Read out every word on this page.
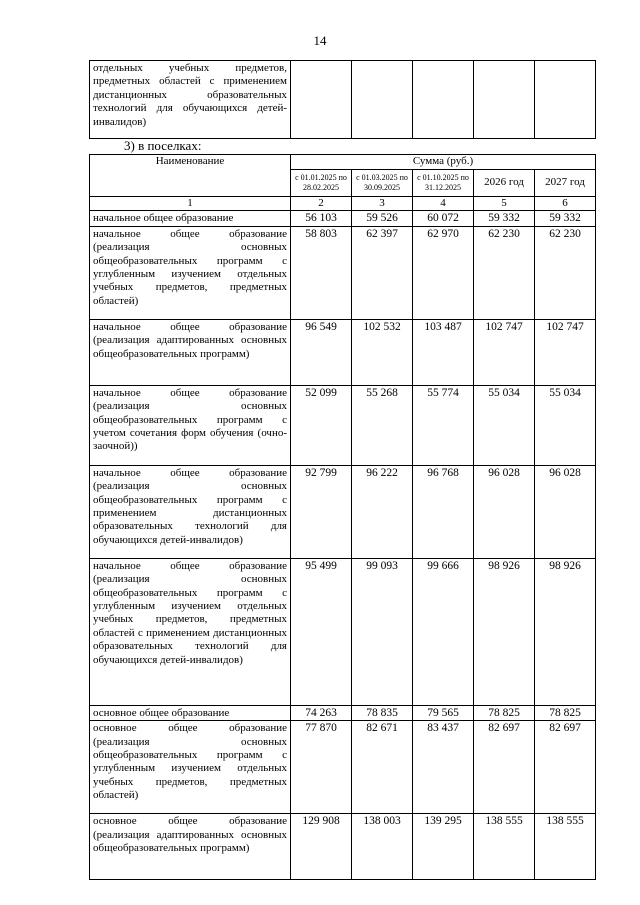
14
отдельных учебных предметов, предметных областей с применением дистанционных образовательных технологий для обучающихся детей-инвалидов)					
3) в поселках:
Наименование	Сумма (руб.)				
	с 01.01.2025 по 28.02.2025	с 01.03.2025 по 30.09.2025	с 01.10.2025 по 31.12.2025	2026 год	2027 год
1	2	3	4	5	6
начальное общее образование	56 103	59 526	60 072	59 332	59 332
начальное общее образование (реализация основных общеобразовательных программ с углубленным изучением отдельных учебных предметов, предметных областей)	58 803	62 397	62 970	62 230	62 230
начальное общее образование (реализация адаптированных основных общеобразовательных программ)	96 549	102 532	103 487	102 747	102 747
начальное общее образование (реализация основных общеобразовательных программ с учетом сочетания форм обучения (очно-заочной))	52 099	55 268	55 774	55 034	55 034
начальное общее образование (реализация основных общеобразовательных программ с применением дистанционных образовательных технологий для обучающихся детей-инвалидов)	92 799	96 222	96 768	96 028	96 028
начальное общее образование (реализация основных общеобразовательных программ с углубленным изучением отдельных учебных предметов, предметных областей с применением дистанционных образовательных технологий для обучающихся детей-инвалидов)	95 499	99 093	99 666	98 926	98 926
основное общее образование	74 263	78 835	79 565	78 825	78 825
основное общее образование (реализация основных общеобразовательных программ с углубленным изучением отдельных учебных предметов, предметных областей)	77 870	82 671	83 437	82 697	82 697
основное общее образование (реализация адаптированных основных общеобразовательных программ)	129 908	138 003	139 295	138 555	138 555
